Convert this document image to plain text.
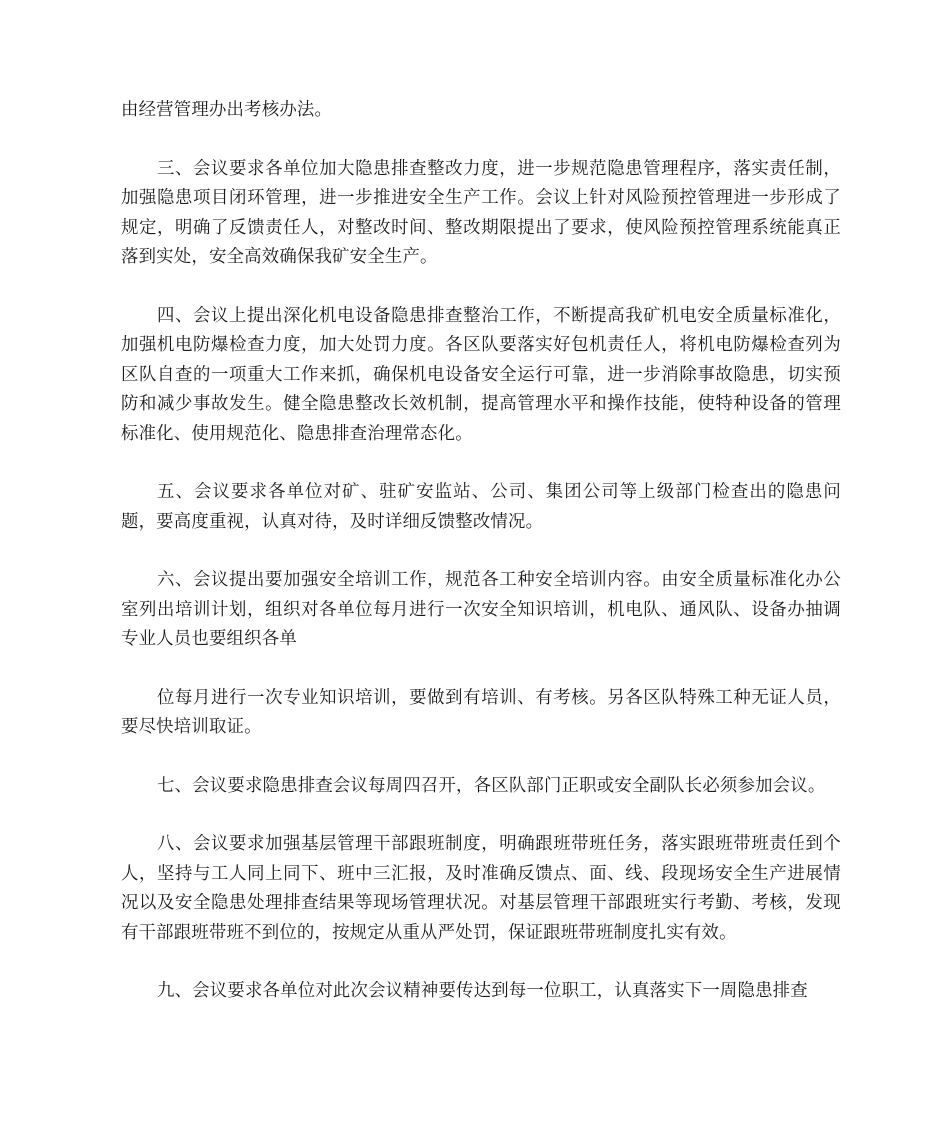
由经营管理办出考核办法。

三、会议要求各单位加大隐患排查整改力度，进一步规范隐患管理程序，落实责任制，加强隐患项目闭环管理，进一步推进安全生产工作。会议上针对风险预控管理进一步形成了规定，明确了反馈责任人，对整改时间、整改期限提出了要求，使风险预控管理系统能真正落到实处，安全高效确保我矿安全生产。

四、会议上提出深化机电设备隐患排查整治工作，不断提高我矿机电安全质量标准化，加强机电防爆检查力度，加大处罚力度。各区队要落实好包机责任人，将机电防爆检查列为区队自查的一项重大工作来抓，确保机电设备安全运行可靠，进一步消除事故隐患，切实预防和减少事故发生。健全隐患整改长效机制，提高管理水平和操作技能，使特种设备的管理标准化、使用规范化、隐患排查治理常态化。

五、会议要求各单位对矿、驻矿安监站、公司、集团公司等上级部门检查出的隐患问题，要高度重视，认真对待，及时详细反馈整改情况。

六、会议提出要加强安全培训工作，规范各工种安全培训内容。由安全质量标准化办公室列出培训计划，组织对各单位每月进行一次安全知识培训，机电队、通风队、设备办抽调专业人员也要组织各单

位每月进行一次专业知识培训，要做到有培训、有考核。另各区队特殊工种无证人员，要尽快培训取证。

七、会议要求隐患排查会议每周四召开，各区队部门正职或安全副队长必须参加会议。

八、会议要求加强基层管理干部跟班制度，明确跟班带班任务，落实跟班带班责任到个人，坚持与工人同上同下、班中三汇报，及时准确反馈点、面、线、段现场安全生产进展情况以及安全隐患处理排查结果等现场管理状况。对基层管理干部跟班实行考勤、考核，发现有干部跟班带班不到位的，按规定从重从严处罚，保证跟班带班制度扎实有效。

九、会议要求各单位对此次会议精神要传达到每一位职工，认真落实下一周隐患排查
